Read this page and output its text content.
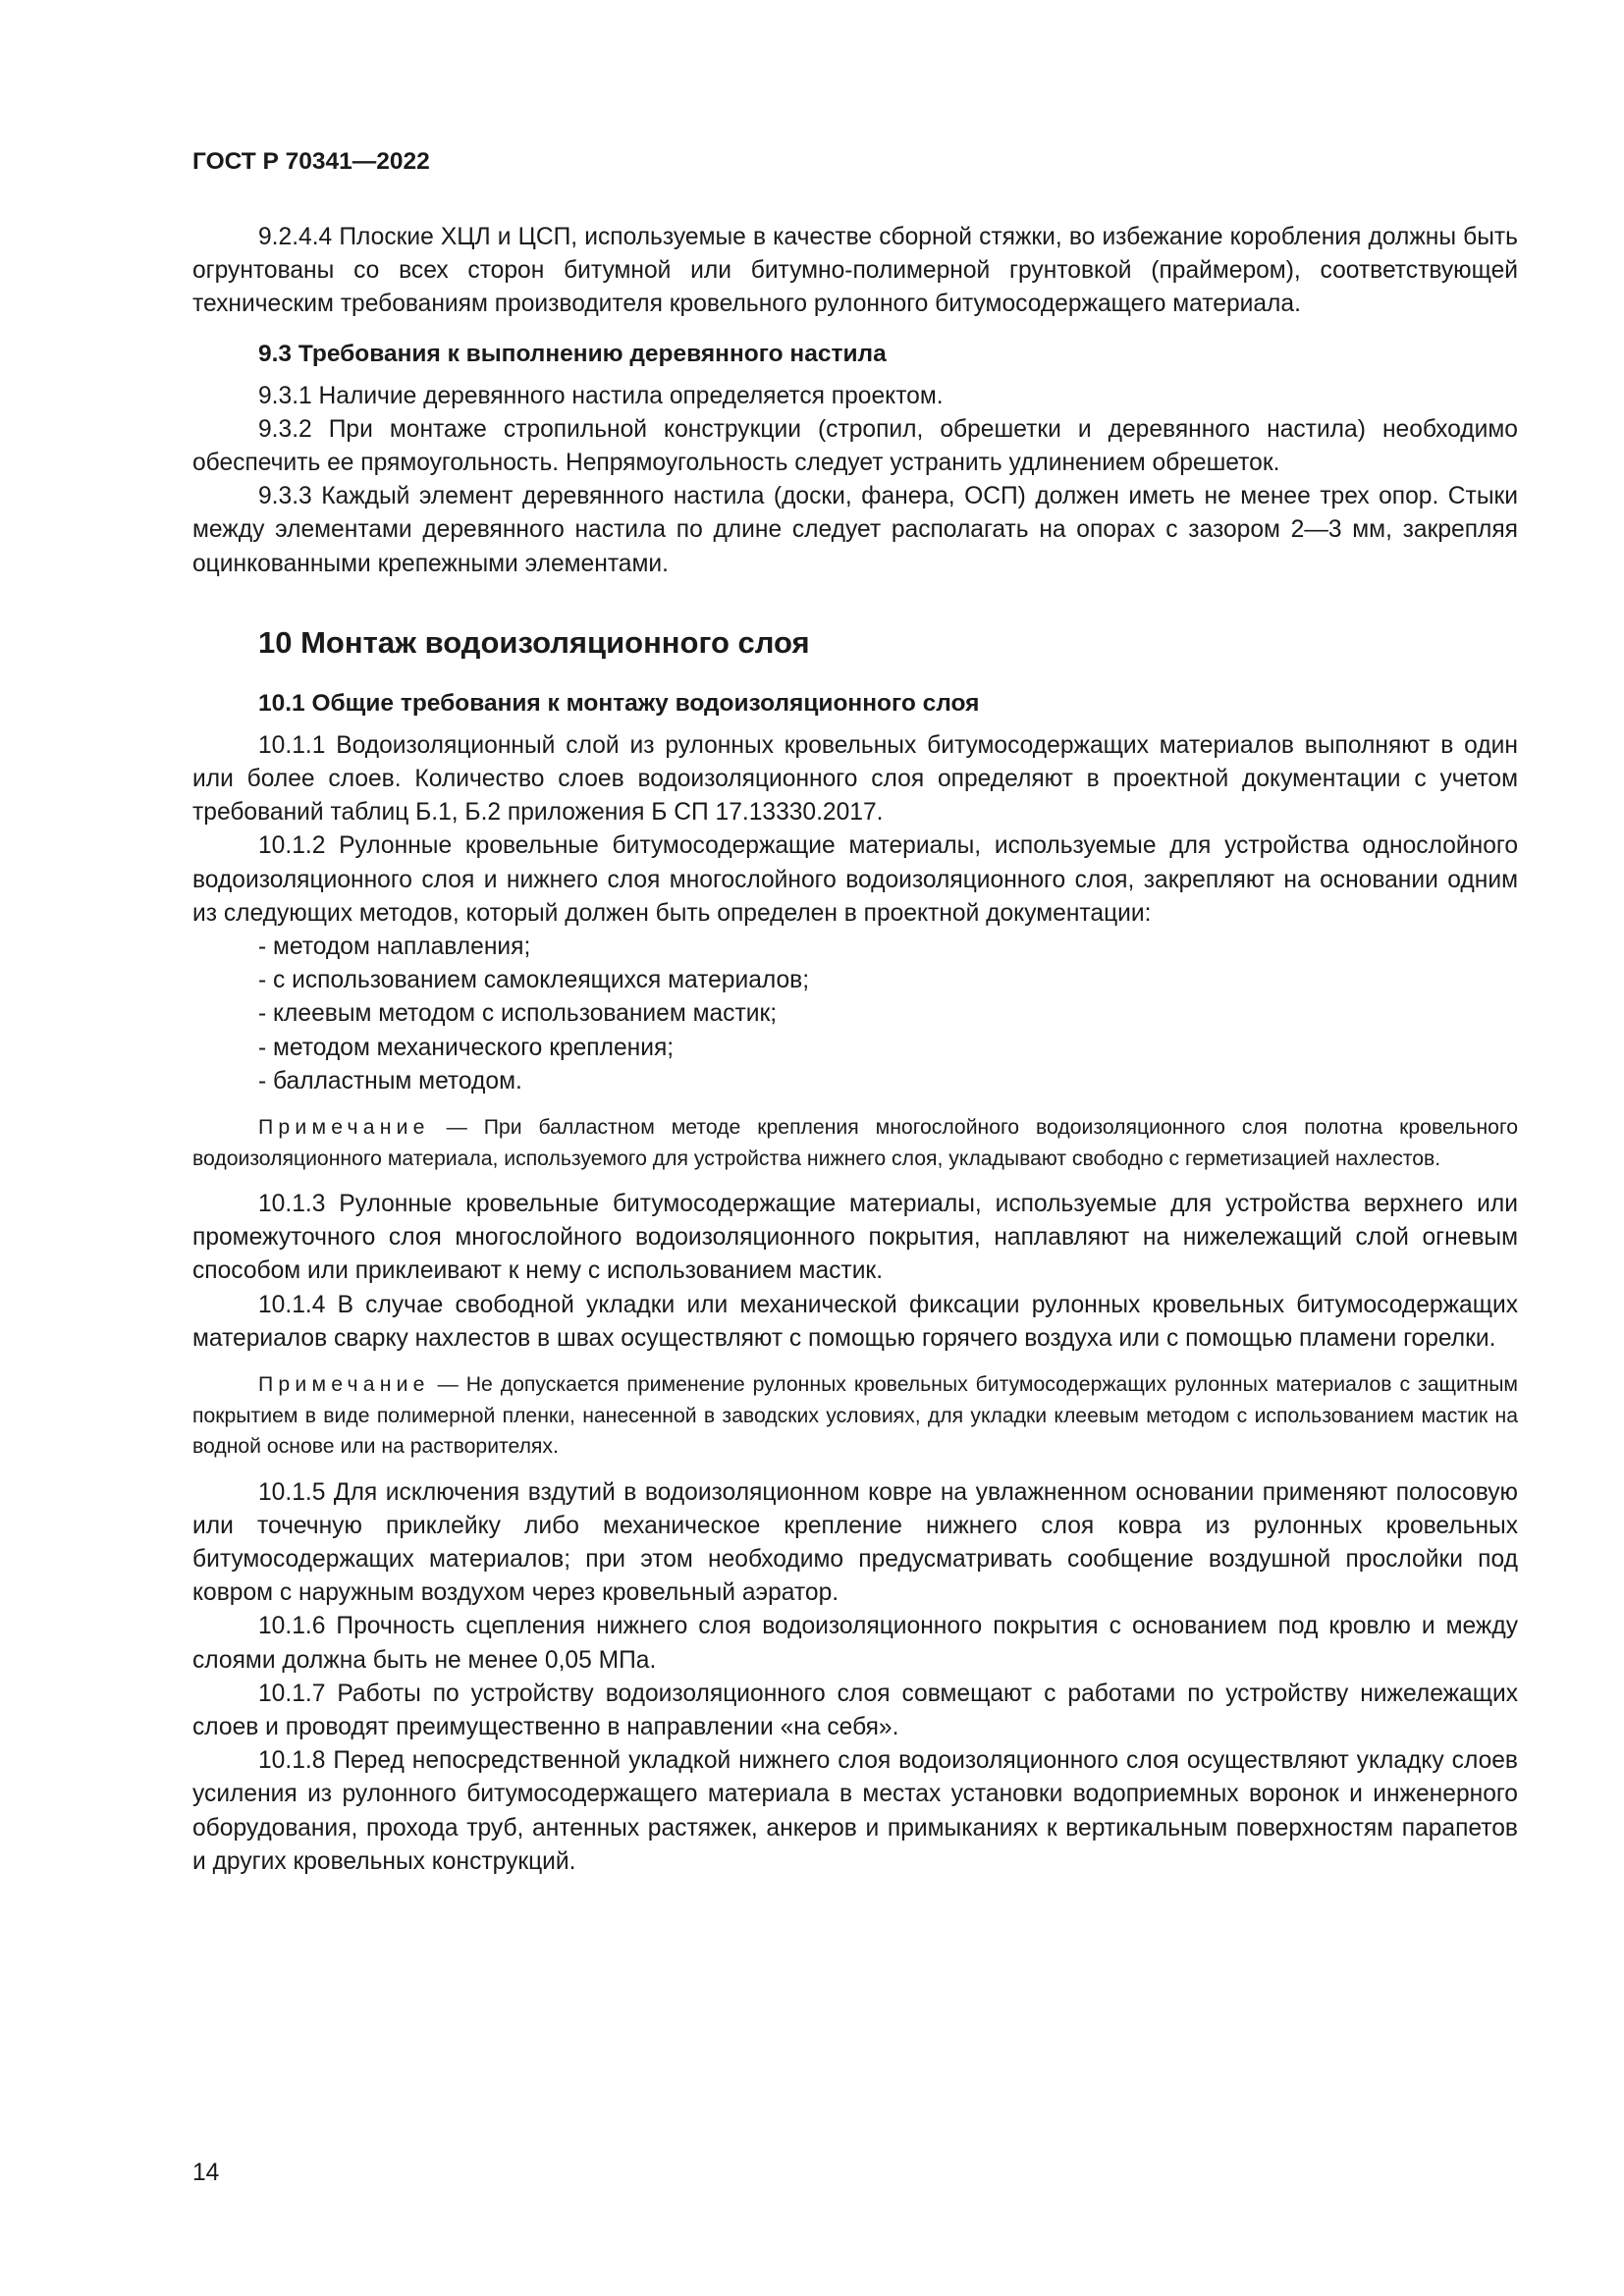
ГОСТ Р 70341—2022

9.2.4.4 Плоские ХЦЛ и ЦСП, используемые в качестве сборной стяжки, во избежание коробления должны быть огрунтованы со всех сторон битумной или битумно-полимерной грунтовкой (праймером), соответствующей техническим требованиям производителя кровельного рулонного битумосодержащего материала.

9.3 Требования к выполнению деревянного настила

9.3.1 Наличие деревянного настила определяется проектом.

9.3.2 При монтаже стропильной конструкции (стропил, обрешетки и деревянного настила) необходимо обеспечить ее прямоугольность. Непрямоугольность следует устранить удлинением обрешеток.

9.3.3 Каждый элемент деревянного настила (доски, фанера, ОСП) должен иметь не менее трех опор. Стыки между элементами деревянного настила по длине следует располагать на опорах с зазором 2—3 мм, закрепляя оцинкованными крепежными элементами.

10 Монтаж водоизоляционного слоя
10.1 Общие требования к монтажу водоизоляционного слоя

10.1.1 Водоизоляционный слой из рулонных кровельных битумосодержащих материалов выполняют в один или более слоев. Количество слоев водоизоляционного слоя определяют в проектной документации с учетом требований таблиц Б.1, Б.2 приложения Б СП 17.13330.2017.

10.1.2 Рулонные кровельные битумосодержащие материалы, используемые для устройства однослойного водоизоляционного слоя и нижнего слоя многослойного водоизоляционного слоя, закрепляют на основании одним из следующих методов, который должен быть определен в проектной документации:

- методом наплавления;
- с использованием самоклеящихся материалов;
- клеевым методом с использованием мастик;
- методом механического крепления;
- балластным методом.

Примечание — При балластном методе крепления многослойного водоизоляционного слоя полотна кровельного водоизоляционного материала, используемого для устройства нижнего слоя, укладывают свободно с герметизацией нахлестов.

10.1.3 Рулонные кровельные битумосодержащие материалы, используемые для устройства верхнего или промежуточного слоя многослойного водоизоляционного покрытия, наплавляют на нижележащий слой огневым способом или приклеивают к нему с использованием мастик.

10.1.4 В случае свободной укладки или механической фиксации рулонных кровельных битумосодержащих материалов сварку нахлестов в швах осуществляют с помощью горячего воздуха или с помощью пламени горелки.

Примечание — Не допускается применение рулонных кровельных битумосодержащих рулонных материалов с защитным покрытием в виде полимерной пленки, нанесенной в заводских условиях, для укладки клеевым методом с использованием мастик на водной основе или на растворителях.

10.1.5 Для исключения вздутий в водоизоляционном ковре на увлажненном основании применяют полосовую или точечную приклейку либо механическое крепление нижнего слоя ковра из рулонных кровельных битумосодержащих материалов; при этом необходимо предусматривать сообщение воздушной прослойки под ковром с наружным воздухом через кровельный аэратор.

10.1.6 Прочность сцепления нижнего слоя водоизоляционного покрытия с основанием под кровлю и между слоями должна быть не менее 0,05 МПа.

10.1.7 Работы по устройству водоизоляционного слоя совмещают с работами по устройству нижележащих слоев и проводят преимущественно в направлении «на себя».

10.1.8 Перед непосредственной укладкой нижнего слоя водоизоляционного слоя осуществляют укладку слоев усиления из рулонного битумосодержащего материала в местах установки водоприемных воронок и инженерного оборудования, прохода труб, антенных растяжек, анкеров и примыканиях к вертикальным поверхностям парапетов и других кровельных конструкций.

14
